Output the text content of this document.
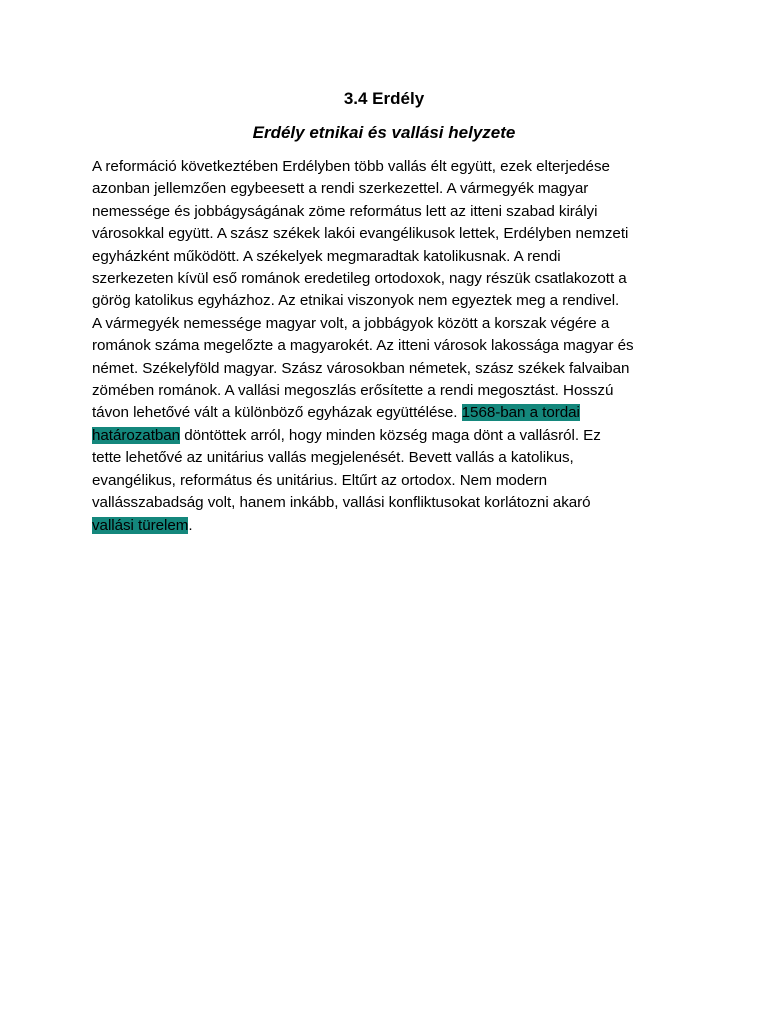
3.4 Erdély
Erdély etnikai és vallási helyzete
A reformáció következtében Erdélyben több vallás élt együtt, ezek elterjedése
azonban jellemzően egybeesett a rendi szerkezettel. A vármegyék magyar
nemessége és jobbágyságának zöme református lett az itteni szabad királyi
városokkal együtt. A szász székek lakói evangélikusok lettek, Erdélyben nemzeti
egyházként működött. A székelyek megmaradtak katolikusnak. A rendi
szerkezeten kívül eső románok eredetileg ortodoxok, nagy részük csatlakozott a
görög katolikus egyházhoz. Az etnikai viszonyok nem egyeztek meg a rendivel.
A vármegyék nemessége magyar volt, a jobbágyok között a korszak végére a
románok száma megelőzte a magyarokét. Az itteni városok lakossága magyar és
német. Székelyföld magyar. Szász városokban németek, szász székek falvaiban
zömében románok. A vallási megoszlás erősítette a rendi megosztást. Hosszú
távon lehetővé vált a különböző egyházak együttélése. 1568-ban a tordai
határozatban döntöttek arról, hogy minden község maga dönt a vallásról. Ez
tette lehetővé az unitárius vallás megjelenését. Bevett vallás a katolikus,
evangélikus, református és unitárius. Eltűrt az ortodox. Nem modern
vallásszabadság volt, hanem inkább, vallási konfliktusokat korlátozni akaró
vallási türelem.
